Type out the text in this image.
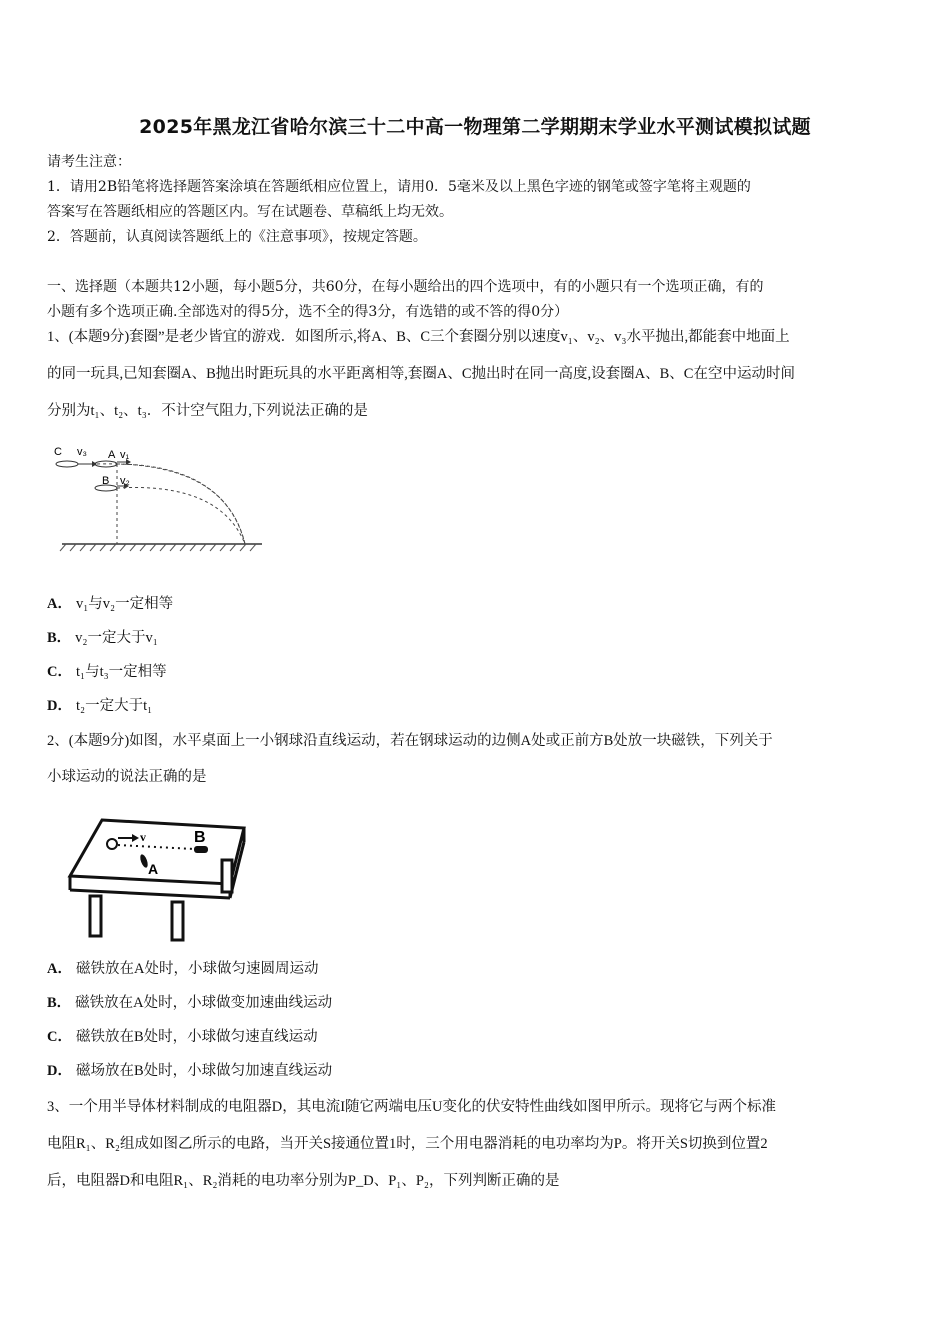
2025年黑龙江省哈尔滨三十二中高一物理第二学期期末学业水平测试模拟试题
请考生注意：
1．请用2B铅笔将选择题答案涂填在答题纸相应位置上，请用0．5毫米及以上黑色字迹的钢笔或签字笔将主观题的
答案写在答题纸相应的答题区内。写在试题卷、草稿纸上均无效。
2．答题前，认真阅读答题纸上的《注意事项》，按规定答题。
一、选择题（本题共12小题，每小题5分，共60分，在每小题给出的四个选项中，有的小题只有一个选项正确，有的
小题有多个选项正确.全部选对的得5分，选不全的得3分，有选错的或不答的得0分）
1、(本题9分)套圈”是老少皆宜的游戏．如图所示,将A、B、C三个套圈分别以速度v₁、v₂、v₃水平抛出,都能套中地面上
的同一玩具,已知套圈A、B抛出时距玩具的水平距离相等,套圈A、C抛出时在同一高度,设套圈A、B、C在空中运动时间
分别为t₁、t₂、t₃．不计空气阻力,下列说法正确的是
C v₃ A v₁
B v₂
A． v₁与v₂一定相等
B． v₂一定大于v₁
C． t₁与t₃一定相等
D． t₂一定大于t₁
2、(本题9分)如图，水平桌面上一小钢球沿直线运动，若在钢球运动的边侧A处或正前方B处放一块磁铁，下列关于
小球运动的说法正确的是
v	B
A
A． 磁铁放在A处时，小球做匀速圆周运动
B． 磁铁放在A处时，小球做变加速曲线运动
C． 磁铁放在B处时，小球做匀速直线运动
D． 磁场放在B处时，小球做匀加速直线运动
3、一个用半导体材料制成的电阻器D，其电流I随它两端电压U变化的伏安特性曲线如图甲所示。现将它与两个标准
电阻R₁、R₂组成如图乙所示的电路，当开关S接通位置1时，三个用电器消耗的电功率均为P。将开关S切换到位置2
后，电阻器D和电阻R₁、R₂消耗的电功率分别为P_D、P₁、P₂，下列判断正确的是
